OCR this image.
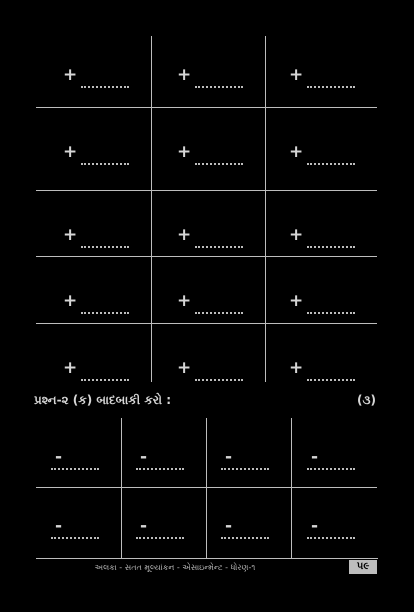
+	+	+
+	+	+
+	+	+
+	+	+
+	+	+
પ્રશ્ન-૨ (ક) બાદબાકી કરો :	(૩)
-	-	-	-
-	-	-	-
અલકા - સતત મૂલ્યાંકન - એસાઇન્મેન્ટ - ધોરણ-૧	૫૯
